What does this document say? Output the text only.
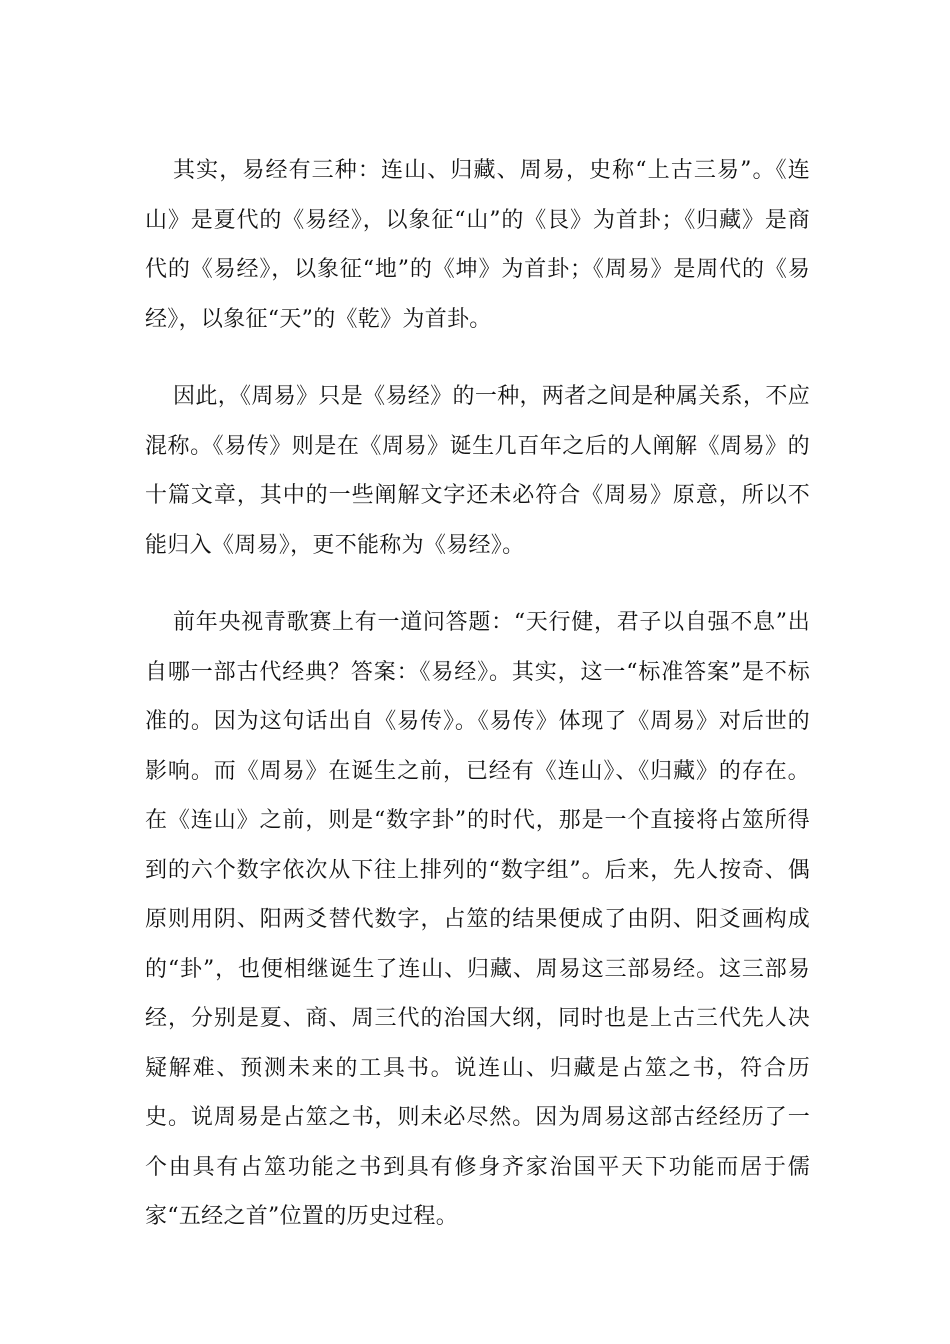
其实，易经有三种：连山、归藏、周易，史称“上古三易”。《连山》是夏代的《易经》，以象征“山”的《艮》为首卦；《归藏》是商代的《易经》，以象征“地”的《坤》为首卦；《周易》是周代的《易经》，以象征“天”的《乾》为首卦。

因此，《周易》只是《易经》的一种，两者之间是种属关系，不应混称。《易传》则是在《周易》诞生几百年之后的人阐解《周易》的十篇文章，其中的一些阐解文字还未必符合《周易》原意，所以不能归入《周易》，更不能称为《易经》。

前年央视青歌赛上有一道问答题：“天行健，君子以自强不息”出自哪一部古代经典？答案：《易经》。其实，这一“标准答案”是不标准的。因为这句话出自《易传》。《易传》体现了《周易》对后世的影响。而《周易》在诞生之前，已经有《连山》、《归藏》的存在。在《连山》之前，则是“数字卦”的时代，那是一个直接将占筮所得到的六个数字依次从下往上排列的“数字组”。后来，先人按奇、偶原则用阴、阳两爻替代数字，占筮的结果便成了由阴、阳爻画构成的“卦”，也便相继诞生了连山、归藏、周易这三部易经。这三部易经，分别是夏、商、周三代的治国大纲，同时也是上古三代先人决疑解难、预测未来的工具书。说连山、归藏是占筮之书，符合历史。说周易是占筮之书，则未必尽然。因为周易这部古经经历了一个由具有占筮功能之书到具有修身齐家治国平天下功能而居于儒家“五经之首”位置的历史过程。
